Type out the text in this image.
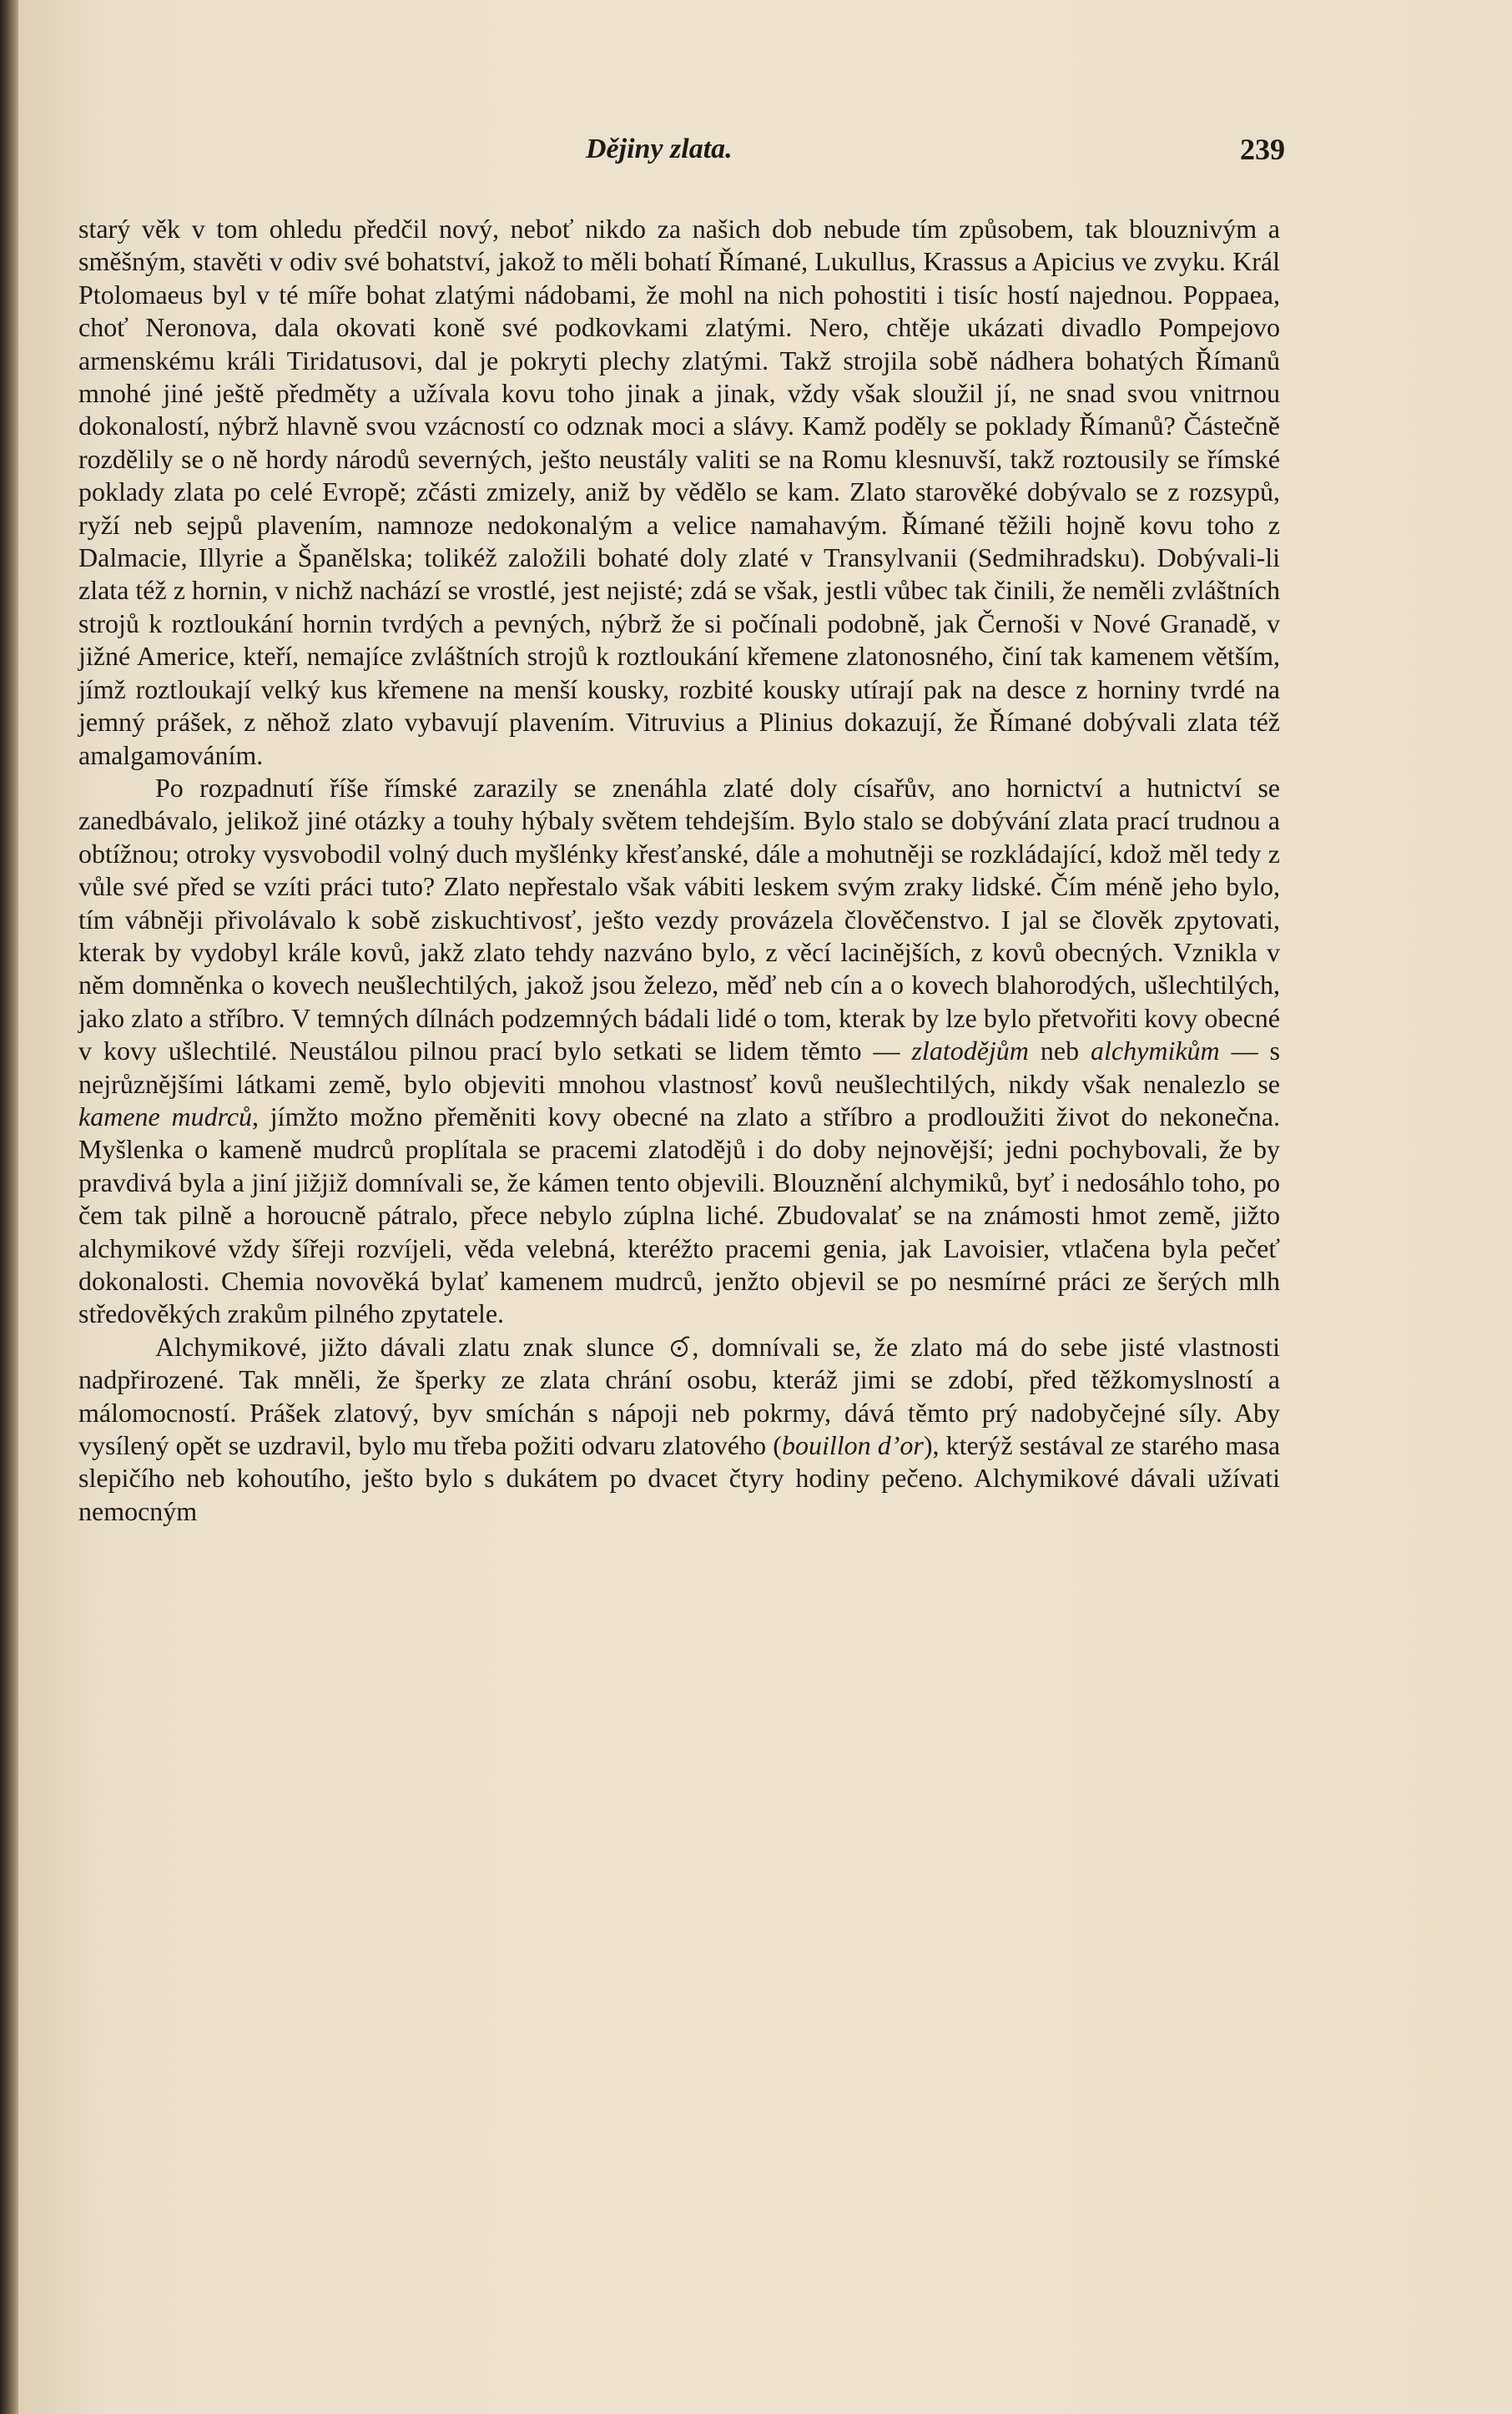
Dějiny zlata.	239

starý věk v tom ohledu předčil nový, neboť nikdo za našich dob nebude tím způsobem, tak blouznivým a směšným, stavěti v odiv své bohatství, jakož to měli bohatí Římané, Lukullus, Krassus a Apicius ve zvyku. Král Ptolomaeus byl v té míře bohat zlatými nádobami, že mohl na nich pohostiti i tisíc hostí najednou. Poppaea, choť Neronova, dala okovati koně své podkovkami zlatými. Nero, chtěje ukázati divadlo Pompejovo armenskému králi Tiridatusovi, dal je pokryti plechy zlatými. Takž strojila sobě nádhera bohatých Římanů mnohé jiné ještě předměty a užívala kovu toho jinak a jinak, vždy však sloužil jí, ne snad svou vnitrnou dokonalostí, nýbrž hlavně svou vzácností co odznak moci a slávy. Kamž poděly se poklady Římanů? Částečně rozdělily se o ně hordy národů severných, ješto neustály valiti se na Romu klesnuvší, takž roztousily se římské poklady zlata po celé Evropě; zčásti zmizely, aniž by vědělo se kam. Zlato starověké dobývalo se z rozsypů, ryží neb sejpů plavením, namnoze nedokonalým a velice namahavým. Římané těžili hojně kovu toho z Dalmacie, Illyrie a Španělska; tolikéž založili bohaté doly zlaté v Transylvanii (Sedmihradsku). Dobývali-li zlata též z hornin, v nichž nachází se vrostlé, jest nejisté; zdá se však, jestli vůbec tak činili, že neměli zvláštních strojů k roztloukání hornin tvrdých a pevných, nýbrž že si počínali podobně, jak Černoši v Nové Granadě, v jižné Americe, kteří, nemajíce zvláštních strojů k roztloukání křemene zlatonosného, činí tak kamenem větším, jímž roztloukají velký kus křemene na menší kousky, rozbité kousky utírají pak na desce z horniny tvrdé na jemný prášek, z něhož zlato vybavují plavením. Vitruvius a Plinius dokazují, že Římané dobývali zlata též amalgamováním.

Po rozpadnutí říše římské zarazily se znenáhla zlaté doly císařův, ano hornictví a hutnictví se zanedbávalo, jelikož jiné otázky a touhy hýbaly světem tehdejším. Bylo stalo se dobývání zlata prací trudnou a obtížnou; otroky vysvobodil volný duch myšlénky křesťanské, dále a mohutněji se rozkládající, kdož měl tedy z vůle své před se vzíti práci tuto? Zlato nepřestalo však vábiti leskem svým zraky lidské. Čím méně jeho bylo, tím vábněji přivolávalo k sobě ziskuchtivosť, ješto vezdy provázela člověčenstvo. I jal se člověk zpytovati, kterak by vydobyl krále kovů, jakž zlato tehdy nazváno bylo, z věcí lacinějších, z kovů obecných. Vznikla v něm domněnka o kovech neušlechtilých, jakož jsou železo, měď neb cín a o kovech blahorodých, ušlechtilých, jako zlato a stříbro. V temných dílnách podzemných bádali lidé o tom, kterak by lze bylo přetvořiti kovy obecné v kovy ušlechtilé. Neustálou pilnou prací bylo setkati se lidem těmto — zlatodějům neb alchymikům — s nejrůznějšími látkami země, bylo objeviti mnohou vlastnosť kovů neušlechtilých, nikdy však nenalezlo se kamene mudrců, jímžto možno přeměniti kovy obecné na zlato a stříbro a prodloužiti život do nekonečna. Myšlenka o kameně mudrců proplítala se pracemi zlatodějů i do doby nejnovější; jedni pochybovali, že by pravdivá byla a jiní jižjiž domnívali se, že kámen tento objevili. Blouznění alchymiků, byť i nedosáhlo toho, po čem tak pilně a horoucně pátralo, přece nebylo zúplna liché. Zbudovalať se na známosti hmot země, jižto alchymikové vždy šířeji rozvíjeli, věda velebná, kteréžto pracemi genia, jak Lavoisier, vtlačena byla pečeť dokonalosti. Chemia novověká bylať kamenem mudrců, jenžto objevil se po nesmírné práci ze šerých mlh středověkých zrakům pilného zpytatele.

Alchymikové, jižto dávali zlatu znak slunce
, domnívali se, že zlato má do sebe jisté vlastnosti nadpřirozené. Tak mněli, že šperky ze zlata chrání osobu, kteráž jimi se zdobí, před těžkomyslností a málomocností. Prášek zlatový, byv smíchán s nápoji neb pokrmy, dává těmto prý nadobyčejné síly. Aby vysílený opět se uzdravil, bylo mu třeba požiti odvaru zlatového (bouillon d’or), kterýž sestával ze starého masa slepičího neb kohoutího, ješto bylo s dukátem po dvacet čtyry hodiny pečeno. Alchymikové dávali užívati nemocným
